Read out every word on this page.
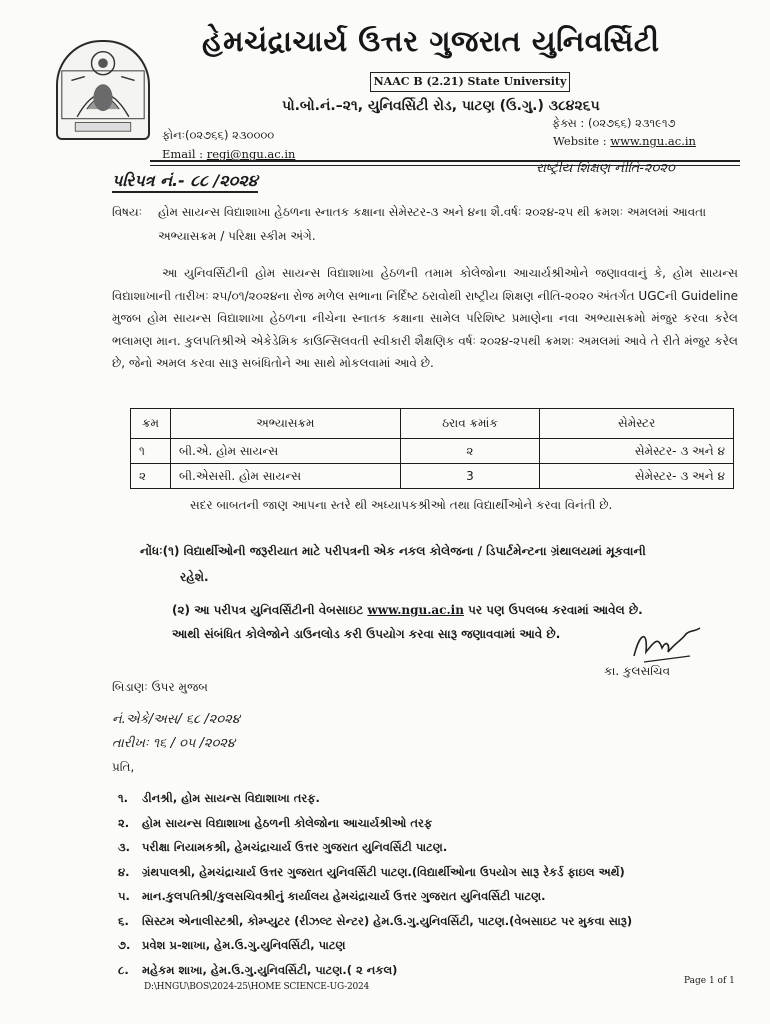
હેમચંદ્રાચાર્ય ઉત્તર ગુજરાત યુનિવર્સિટી
NAAC B (2.21) State University
પો.બો.નં.–૨૧, યુનિવર્સિટી રોડ, પાટણ (ઉ.ગુ.) ૩૮૪૨૬૫
ફોનઃ(૦૨૭૬૬) ૨૩૦૦૦૦
Email : regi@ngu.ac.in
ફેક્સ : (૦૨૭૬૬) ૨૩૧૯૧૭
Website : www.ngu.ac.in
પરિપત્ર નં.- ૮૮ /૨૦૨૪
રાષ્ટ્રીય શિક્ષણ નીતિ-૨૦૨૦
વિષયઃ	હોમ સાયન્સ વિદ્યાશાખા હેઠળના સ્નાતક કક્ષાના સેમેસ્ટર-૩ અને ૪ના શૈ.વર્ષઃ ૨૦૨૪-૨૫ થી ક્રમશઃ અમલમાં આવતા અભ્યાસક્રમ / પરિક્ષા સ્કીમ અંગે.
આ યુનિવર્સિટીની હોમ સાયન્સ વિદ્યાશાખા હેઠળની તમામ કોલેજોના આચાર્યશ્રીઓને જણાવવાનું કે, હોમ સાયન્સ વિદ્યાશાખાની તારીખઃ ૨૫/૦૧/૨૦૨૪ના રોજ મળેલ સભાના નિર્દિષ્ટ ઠરાવોથી રાષ્ટ્રીય શિક્ષણ નીતિ-૨૦૨૦ અંતર્ગત UGCની Guideline મુજબ હોમ સાયન્સ વિદ્યાશાખા હેઠળના નીચેના સ્નાતક કક્ષાના સામેલ પરિશિષ્ટ પ્રમાણેના નવા અભ્યાસક્રમો મંજુર કરવા કરેલ ભલામણ માન. કુલપતિશ્રીએ એકેડેમિક કાઉન્સિલવતી સ્વીકારી શૈક્ષણિક વર્ષઃ ૨૦૨૪-૨૫થી ક્રમશઃ અમલમાં આવે તે રીતે મંજુર કરેલ છે, જેનો અમલ કરવા સારૂ સબંધિતોને આ સાથે મોકલવામાં આવે છે.
ક્રમ	અભ્યાસક્રમ	ઠરાવ ક્રમાંક	સેમેસ્ટર
૧	બી.એ. હોમ સાયન્સ	૨	સેમેસ્ટર- ૩ અને ૪
૨	બી.એસસી. હોમ સાયન્સ	3	સેમેસ્ટર- ૩ અને ૪
સદર બાબતની જાણ આપના સ્તરે થી અધ્યાપકશ્રીઓ તથા વિદ્યાર્થીઓને કરવા વિનંતી છે.
નોંધઃ(૧) વિદ્યાર્થીઓની જરૂરીયાત માટે પરીપત્રની એક નકલ કોલેજના / ડિપાર્ટમેન્ટના ગ્રંથાલયમાં મૂકવાની
રહેશે.
(૨) આ પરીપત્ર યુનિવર્સિટીની વેબસાઇટ www.ngu.ac.in પર પણ ઉપલબ્ધ કરવામાં આવેલ છે.
આથી સંબંધિત કોલેજોને ડાઉનલોડ કરી ઉપયોગ કરવા સારૂ જણાવવામાં આવે છે.
કા. કુલસચિવ
બિડાણઃ ઉપર મુજબ
નં.એકે/અસ/ ૬૮ /૨૦૨૪
તારીખઃ ૧૬ / ૦૫ /૨૦૨૪
પ્રતિ,
૧.	ડીનશ્રી, હોમ સાયન્સ વિદ્યાશાખા તરફ.
૨.	હોમ સાયન્સ વિદ્યાશાખા હેઠળની કોલેજોના આચાર્યશ્રીઓ તરફ
૩.	પરીક્ષા નિયામકશ્રી, હેમચંદ્રાચાર્ય ઉત્તર ગુજરાત યુનિવર્સિટી પાટણ.
૪.	ગ્રંથપાલશ્રી, હેમચંદ્રાચાર્ય ઉત્તર ગુજરાત યુનિવર્સિટી પાટણ.(વિદ્યાર્થીઓના ઉપયોગ સારૂ રેકર્ડ ફાઇલ અર્થે)
૫.	માન.કુલપતિશ્રી/કુલસચિવશ્રીનું કાર્યાલય હેમચંદ્રાચાર્ય ઉત્તર ગુજરાત યુનિવર્સિટી પાટણ.
૬.	સિસ્ટમ એનાલીસ્ટશ્રી, કોમ્પ્યુટર (રીઝલ્ટ સેન્ટર) હેમ.ઉ.ગુ.યુનિવર્સિટી, પાટણ.(વેબસાઇટ પર મુકવા સારૂ)
૭.	પ્રવેશ પ્ર-શાખા, હેમ.ઉ.ગુ.યુનિવર્સિટી, પાટણ
૮.	મહેકમ શાખા, હેમ.ઉ.ગુ.યુનિવર્સિટી, પાટણ.( ૨ નકલ)
Page 1 of 1
D:\HNGU\BOS\2024-25\HOME SCIENCE-UG-2024
